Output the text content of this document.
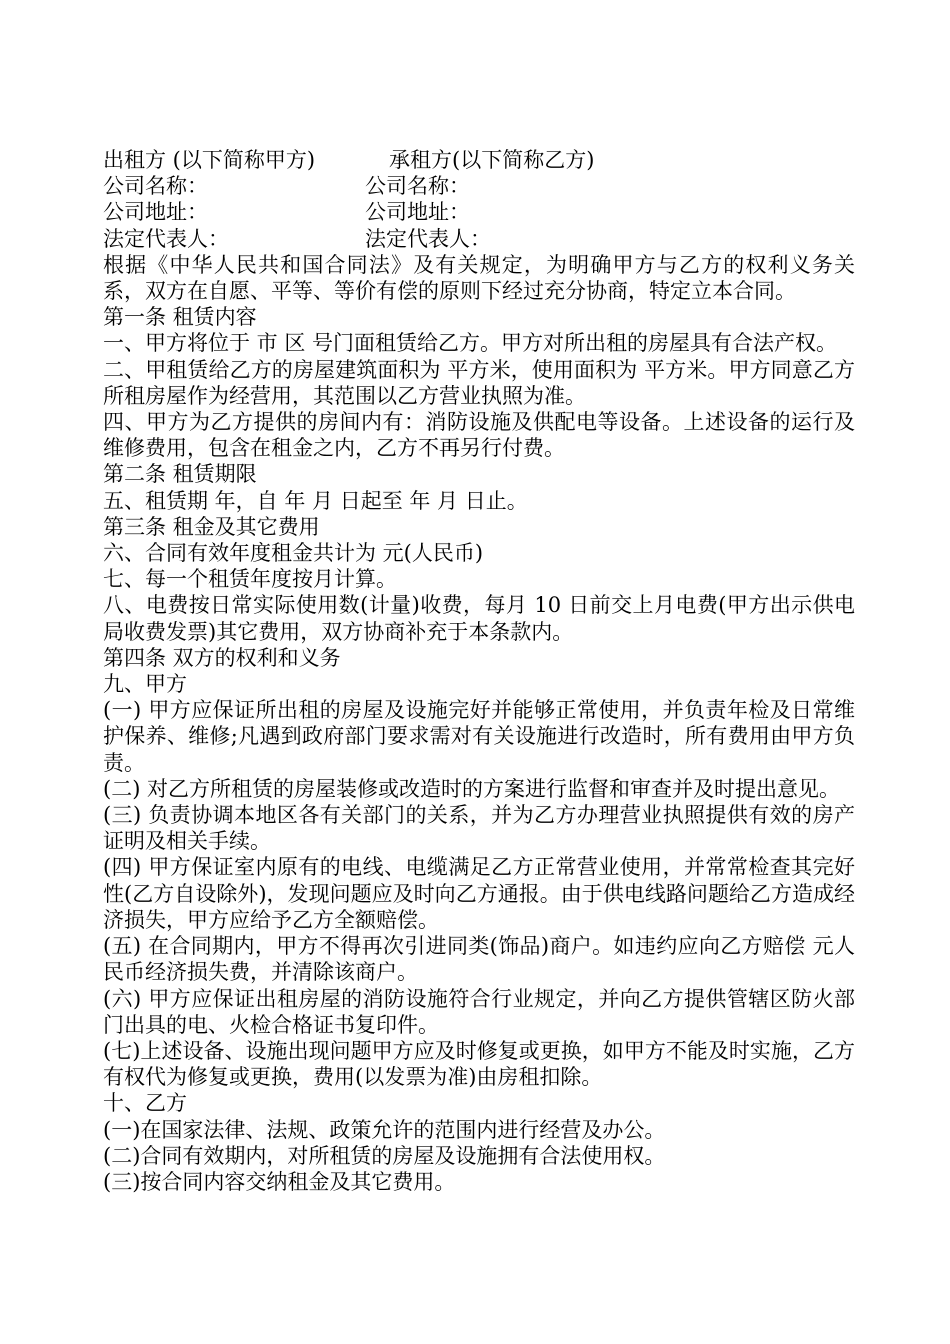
出租方 (以下简称甲方)	承租方(以下简称乙方)
公司名称：	公司名称：
公司地址：	公司地址：
法定代表人：	法定代表人：

根据《中华人民共和国合同法》及有关规定，为明确甲方与乙方的权利义务关系，双方在自愿、平等、等价有偿的原则下经过充分协商，特定立本合同。

第一条 租赁内容

一、甲方将位于 市 区 号门面租赁给乙方。甲方对所出租的房屋具有合法产权。

二、甲租赁给乙方的房屋建筑面积为 平方米，使用面积为 平方米。甲方同意乙方所租房屋作为经营用，其范围以乙方营业执照为准。

四、甲方为乙方提供的房间内有：消防设施及供配电等设备。上述设备的运行及维修费用，包含在租金之内，乙方不再另行付费。

第二条 租赁期限

五、租赁期 年，自 年 月 日起至 年 月 日止。

第三条 租金及其它费用

六、合同有效年度租金共计为 元(人民币)

七、每一个租赁年度按月计算。

八、电费按日常实际使用数(计量)收费，每月 10 日前交上月电费(甲方出示供电局收费发票)其它费用，双方协商补充于本条款内。

第四条 双方的权利和义务

九、甲方

(一) 甲方应保证所出租的房屋及设施完好并能够正常使用，并负责年检及日常维护保养、维修;凡遇到政府部门要求需对有关设施进行改造时，所有费用由甲方负责。

(二) 对乙方所租赁的房屋装修或改造时的方案进行监督和审查并及时提出意见。

(三) 负责协调本地区各有关部门的关系，并为乙方办理营业执照提供有效的房产证明及相关手续。

(四) 甲方保证室内原有的电线、电缆满足乙方正常营业使用，并常常检查其完好性(乙方自设除外)，发现问题应及时向乙方通报。由于供电线路问题给乙方造成经济损失，甲方应给予乙方全额赔偿。

(五) 在合同期内，甲方不得再次引进同类(饰品)商户。如违约应向乙方赔偿 元人民币经济损失费，并清除该商户。

(六) 甲方应保证出租房屋的消防设施符合行业规定，并向乙方提供管辖区防火部门出具的电、火检合格证书复印件。

(七)上述设备、设施出现问题甲方应及时修复或更换，如甲方不能及时实施，乙方有权代为修复或更换，费用(以发票为准)由房租扣除。

十、乙方

(一)在国家法律、法规、政策允许的范围内进行经营及办公。

(二)合同有效期内，对所租赁的房屋及设施拥有合法使用权。

(三)按合同内容交纳租金及其它费用。
